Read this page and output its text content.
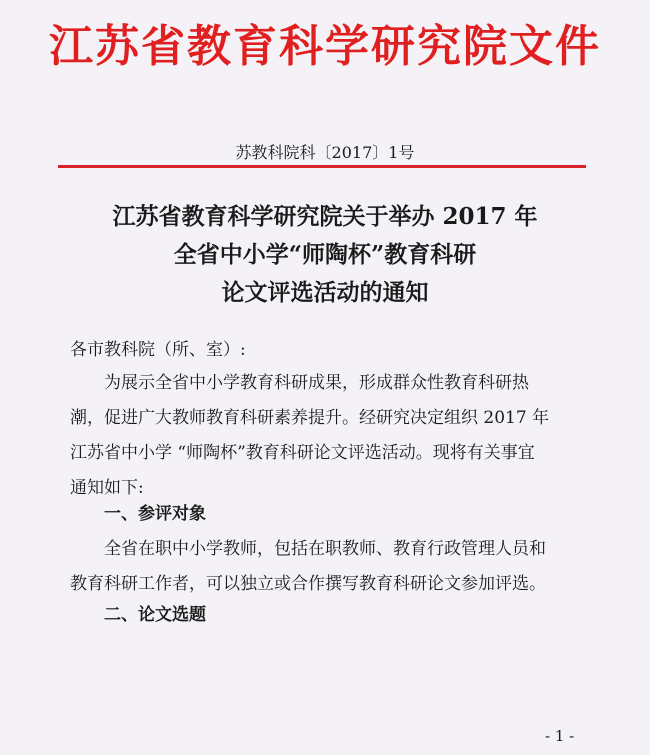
江苏省教育科学研究院文件
苏教科院科〔2017〕1号
江苏省教育科学研究院关于举办 2017 年
全省中小学“师陶杯”教育科研
论文评选活动的通知
各市教科院（所、室）:
为展示全省中小学教育科研成果，形成群众性教育科研热
潮，促进广大教师教育科研素养提升。经研究决定组织 2017 年
江苏省中小学 “师陶杯”教育科研论文评选活动。现将有关事宜
通知如下:
一、参评对象
全省在职中小学教师，包括在职教师、教育行政管理人员和
教育科研工作者，可以独立或合作撰写教育科研论文参加评选。
二、论文选题
- 1 -
